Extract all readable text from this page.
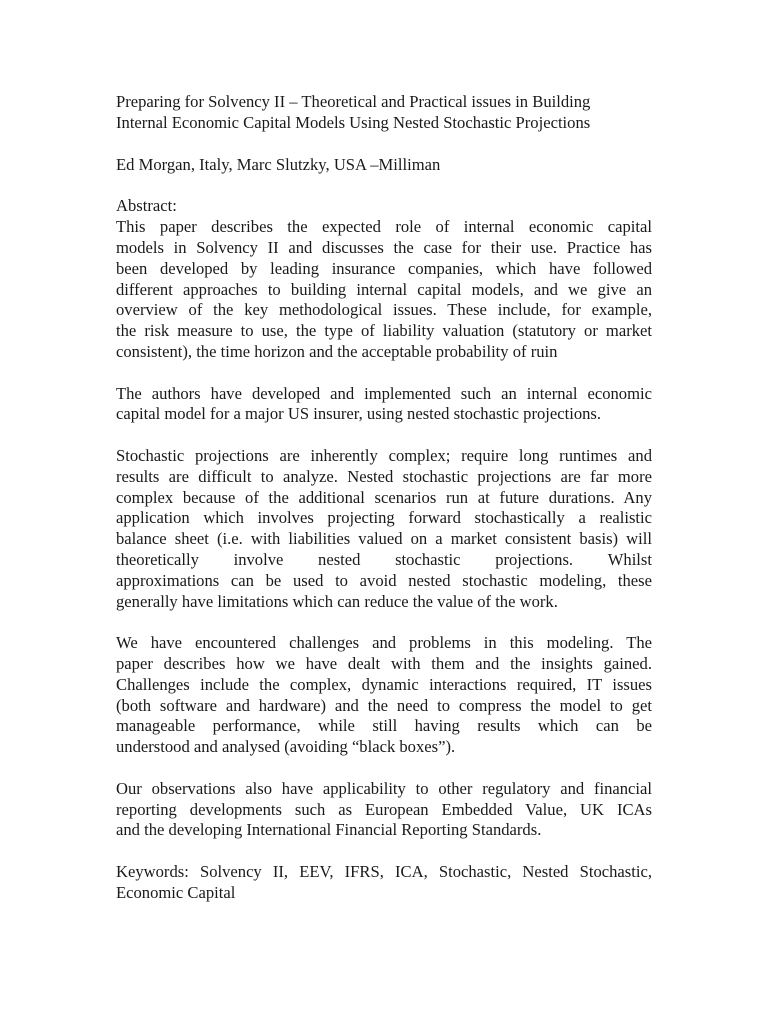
Preparing for Solvency II – Theoretical and Practical issues in Building
Internal Economic Capital Models Using Nested Stochastic Projections

Ed Morgan, Italy, Marc Slutzky, USA –Milliman

Abstract:

This paper describes the expected role of internal economic capital
models in Solvency II and discusses the case for their use. Practice has
been developed by leading insurance companies, which have followed
different approaches to building internal capital models, and we give an
overview of the key methodological issues. These include, for example,
the risk measure to use, the type of liability valuation (statutory or market
consistent), the time horizon and the acceptable probability of ruin

The authors have developed and implemented such an internal economic
capital model for a major US insurer, using nested stochastic projections.

Stochastic projections are inherently complex; require long runtimes and
results are difficult to analyze. Nested stochastic projections are far more
complex because of the additional scenarios run at future durations. Any
application which involves projecting forward stochastically a realistic
balance sheet (i.e. with liabilities valued on a market consistent basis) will
theoretically involve nested stochastic projections. Whilst
approximations can be used to avoid nested stochastic modeling, these
generally have limitations which can reduce the value of the work.

We have encountered challenges and problems in this modeling. The
paper describes how we have dealt with them and the insights gained.
Challenges include the complex, dynamic interactions required, IT issues
(both software and hardware) and the need to compress the model to get
manageable performance, while still having results which can be
understood and analysed (avoiding “black boxes”).

Our observations also have applicability to other regulatory and financial
reporting developments such as European Embedded Value, UK ICAs
and the developing International Financial Reporting Standards.

Keywords: Solvency II, EEV, IFRS, ICA, Stochastic, Nested Stochastic,
Economic Capital
